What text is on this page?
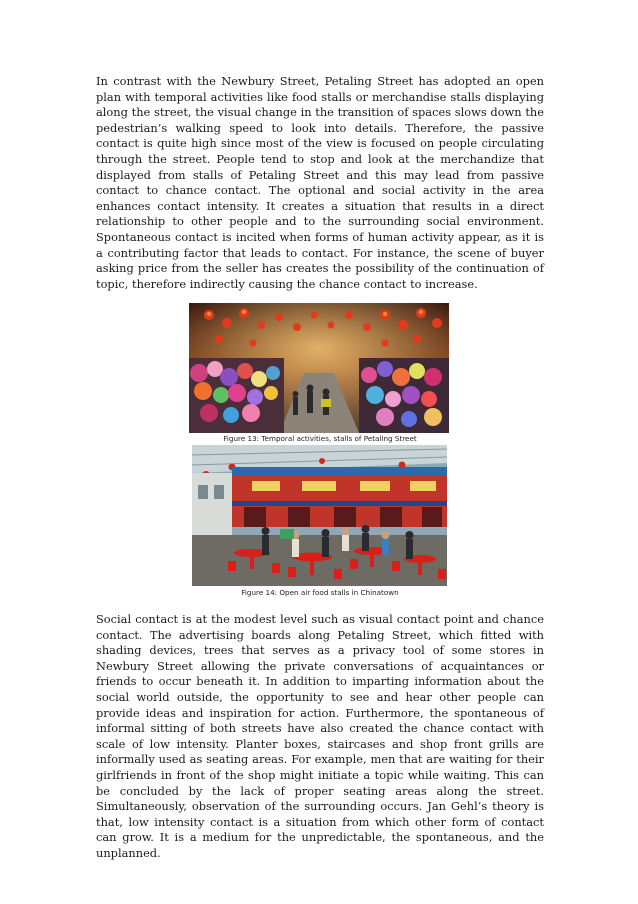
In contrast with the Newbury Street, Petaling Street has adopted an open plan with temporal activities like food stalls or merchandise stalls displaying along the street, the visual change in the transition of spaces slows down the pedestrian’s walking speed to look into details. Therefore, the passive contact is quite high since most of the view is focused on people circulating through the street. People tend to stop and look at the merchandize that displayed from stalls of Petaling Street and this may lead from passive contact to chance contact. The optional and social activity in the area enhances contact intensity. It creates a situation that results in a direct relationship to other people and to the surrounding social environment. Spontaneous contact is incited when forms of human activity appear, as it is a contributing factor that leads to contact. For instance, the scene of buyer asking price from the seller has creates the possibility of the continuation of topic, therefore indirectly causing the chance contact to increase.

Figure 13: Temporal activities, stalls of Petaling Street
Figure 14: Open air food stalls in Chinatown

Social contact is at the modest level such as visual contact point and chance contact. The advertising boards along Petaling Street, which fitted with shading devices, trees that serves as a privacy tool of some stores in Newbury Street allowing the private conversations of acquaintances or friends to occur beneath it. In addition to imparting information about the social world outside, the opportunity to see and hear other people can provide ideas and inspiration for action. Furthermore, the spontaneous of informal sitting of both streets have also created the chance contact with scale of low intensity. Planter boxes, staircases and shop front grills are informally used as seating areas. For example, men that are waiting for their girlfriends in front of the shop might initiate a topic while waiting. This can be concluded by the lack of proper seating areas along the street. Simultaneously, observation of the surrounding occurs. Jan Gehl’s theory is that, low intensity contact is a situation from which other form of contact can grow. It is a medium for the unpredictable, the spontaneous, and the unplanned.
